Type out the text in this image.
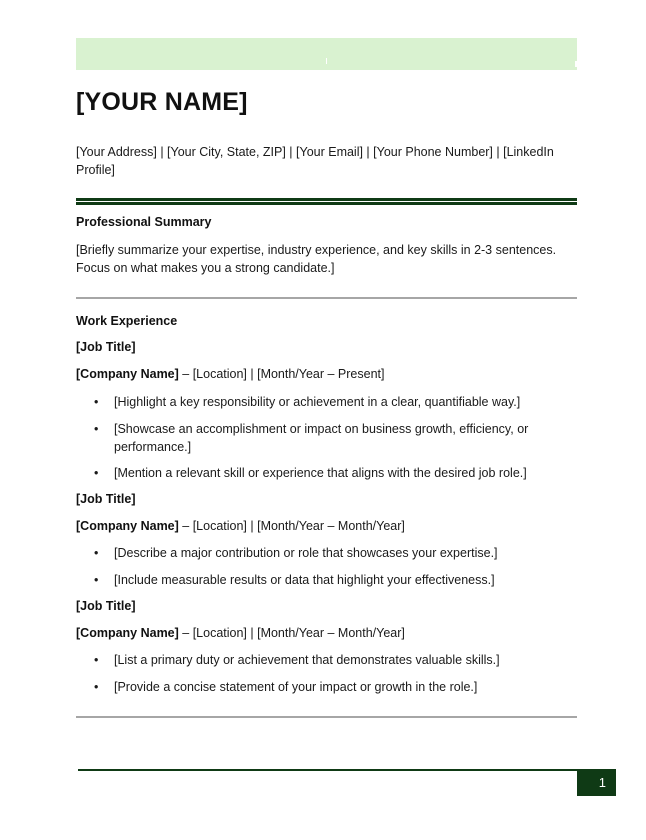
[YOUR NAME]
[Your Address] | [Your City, State, ZIP] | [Your Email] | [Your Phone Number] | [LinkedIn Profile]
Professional Summary
[Briefly summarize your expertise, industry experience, and key skills in 2-3 sentences. Focus on what makes you a strong candidate.]
Work Experience
[Job Title]
[Company Name] – [Location] | [Month/Year – Present]
• [Highlight a key responsibility or achievement in a clear, quantifiable way.]
• [Showcase an accomplishment or impact on business growth, efficiency, or performance.]
• [Mention a relevant skill or experience that aligns with the desired job role.]
[Job Title]
[Company Name] – [Location] | [Month/Year – Month/Year]
• [Describe a major contribution or role that showcases your expertise.]
• [Include measurable results or data that highlight your effectiveness.]
[Job Title]
[Company Name] – [Location] | [Month/Year – Month/Year]
• [List a primary duty or achievement that demonstrates valuable skills.]
• [Provide a concise statement of your impact or growth in the role.]
1
